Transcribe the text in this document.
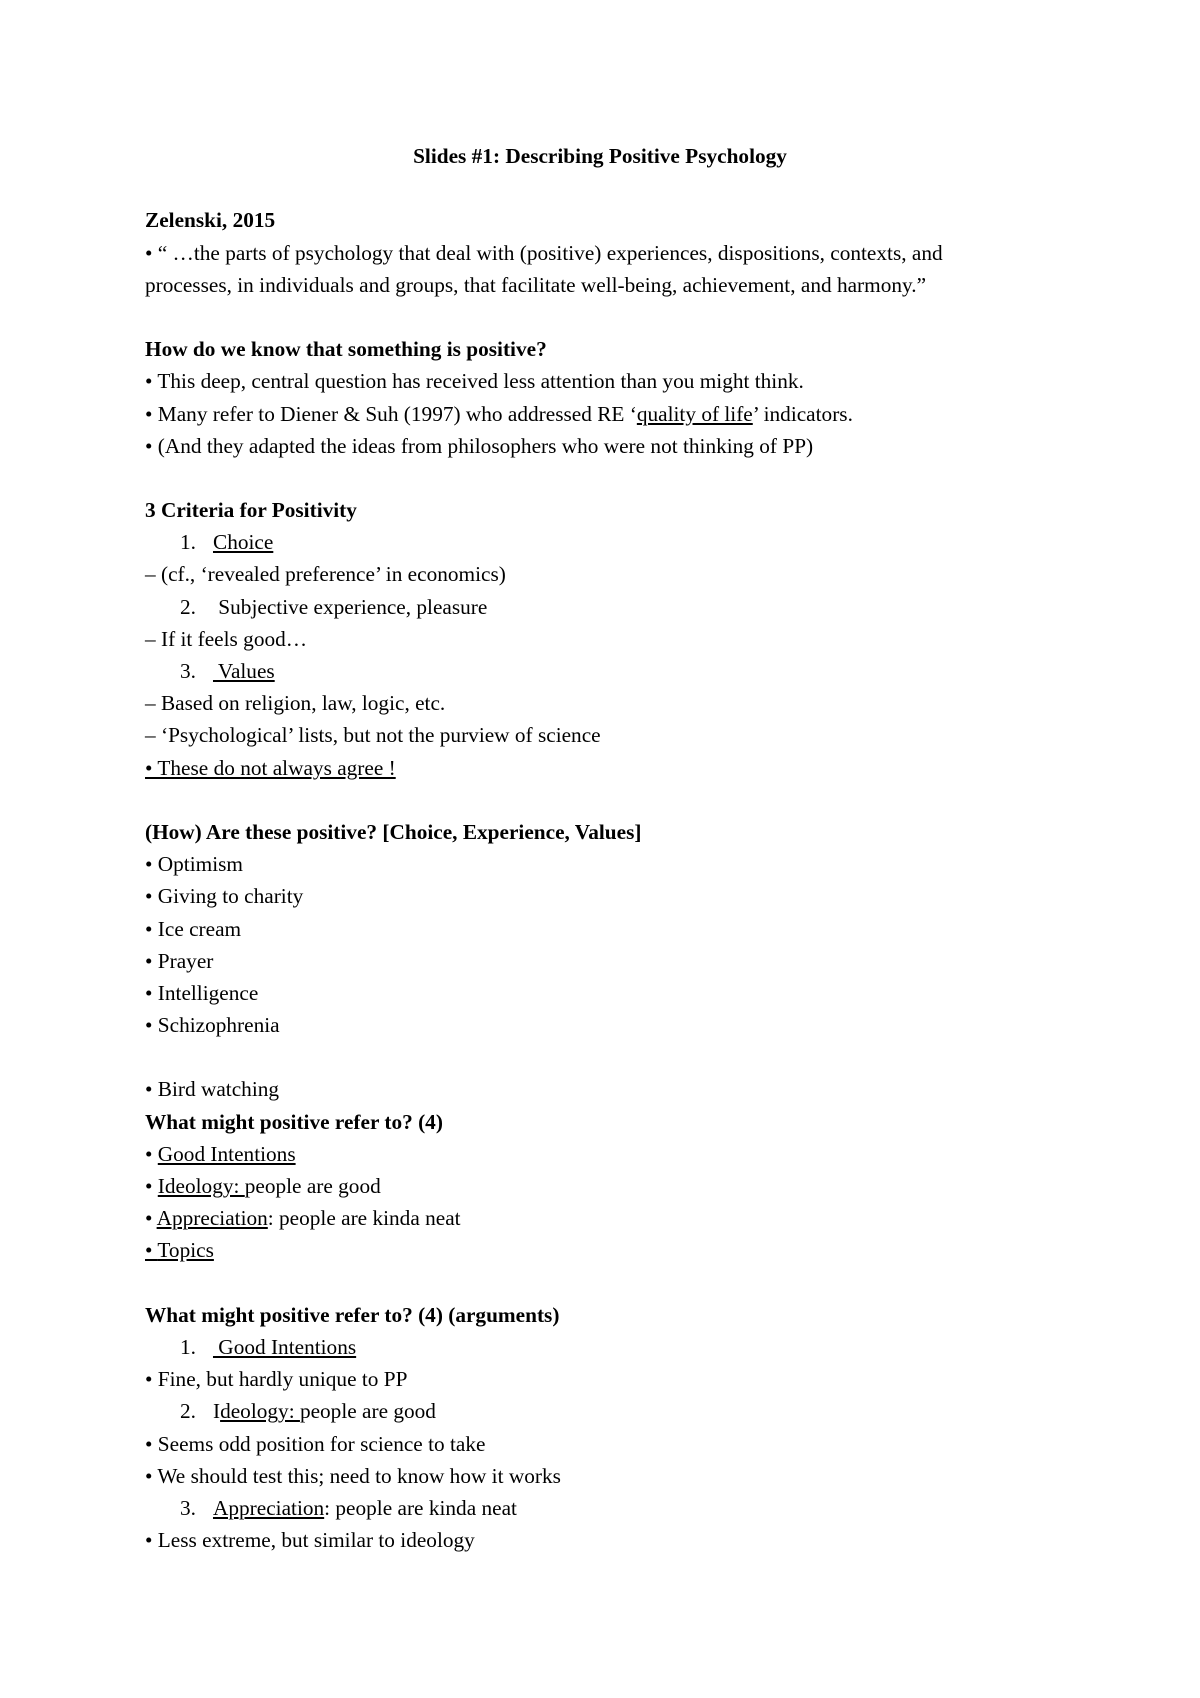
Slides #1: Describing Positive Psychology
Zelenski, 2015
• “ …the parts of psychology that deal with (positive) experiences, dispositions, contexts, and
processes, in individuals and groups, that facilitate well-being, achievement, and harmony.”
How do we know that something is positive?
• This deep, central question has received less attention than you might think.
• Many refer to Diener & Suh (1997) who addressed RE ‘quality of life’ indicators.
• (And they adapted the ideas from philosophers who were not thinking of PP)
3 Criteria for Positivity
1. Choice
– (cf., ‘revealed preference’ in economics)
2. Subjective experience, pleasure
– If it feels good…
3. Values
– Based on religion, law, logic, etc.
– ‘Psychological’ lists, but not the purview of science
• These do not always agree !
(How) Are these positive? [Choice, Experience, Values]
• Optimism
• Giving to charity
• Ice cream
• Prayer
• Intelligence
• Schizophrenia
• Bird watching
What might positive refer to? (4)
• Good Intentions
• Ideology: people are good
• Appreciation: people are kinda neat
• Topics
What might positive refer to? (4) (arguments)
1. Good Intentions
• Fine, but hardly unique to PP
2. Ideology: people are good
• Seems odd position for science to take
• We should test this; need to know how it works
3. Appreciation: people are kinda neat
• Less extreme, but similar to ideology
